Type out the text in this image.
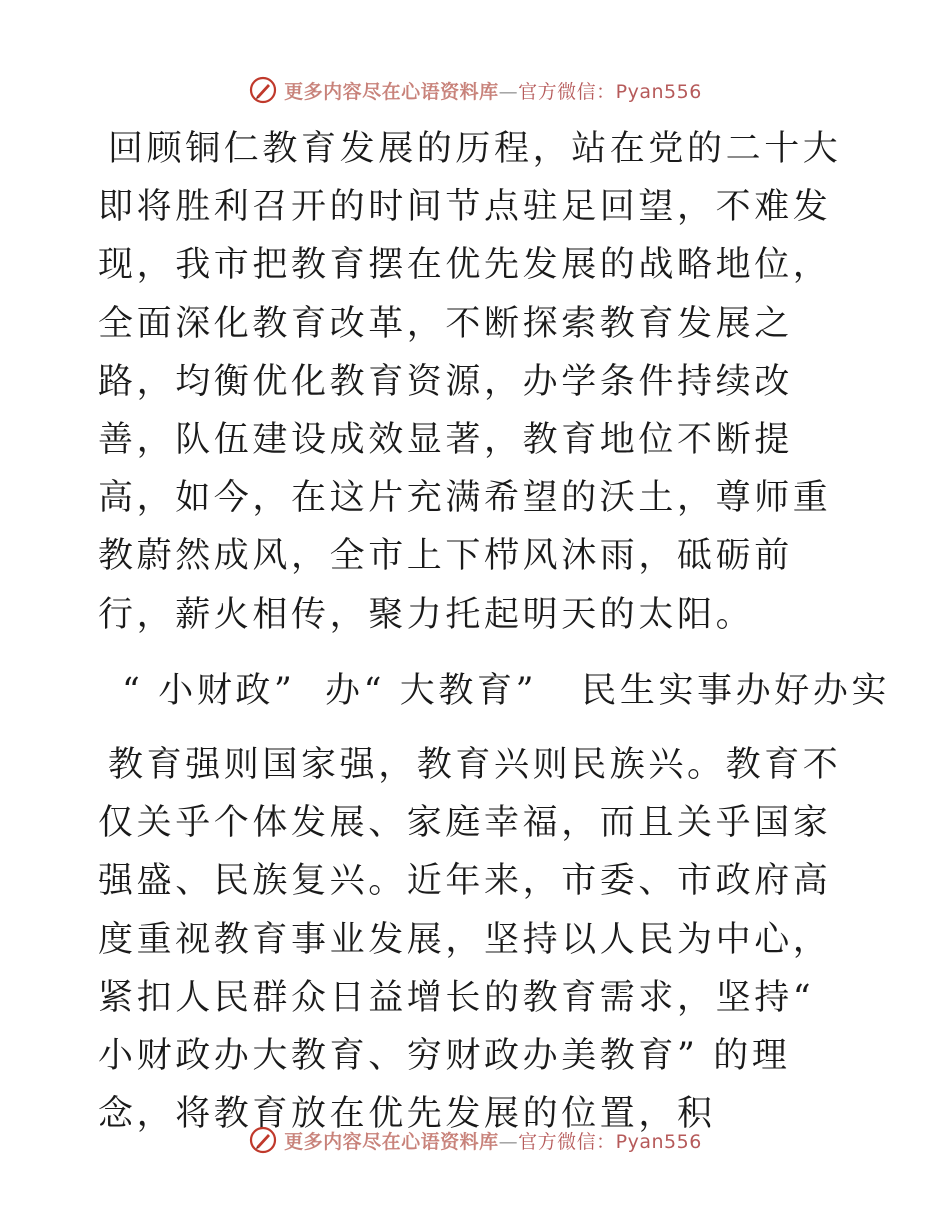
更多内容尽在心语资料库—官方微信：Pyan556

回顾铜仁教育发展的历程，站在党的二十大即将胜利召开的时间节点驻足回望，不难发现，我市把教育摆在优先发展的战略地位，全面深化教育改革，不断探索教育发展之路，均衡优化教育资源，办学条件持续改善，队伍建设成效显著，教育地位不断提高，如今，在这片充满希望的沃土，尊师重教蔚然成风，全市上下栉风沐雨，砥砺前行，薪火相传，聚力托起明天的太阳。

“ 小财政”  办“ 大教育”   民生实事办好办实

教育强则国家强，教育兴则民族兴。教育不仅关乎个体发展、家庭幸福，而且关乎国家强盛、民族复兴。近年来，市委、市政府高度重视教育事业发展，坚持以人民为中心，紧扣人民群众日益增长的教育需求，坚持“ 小财政办大教育、穷财政办美教育” 的理念，将教育放在优先发展的位置，积

更多内容尽在心语资料库—官方微信：Pyan556
